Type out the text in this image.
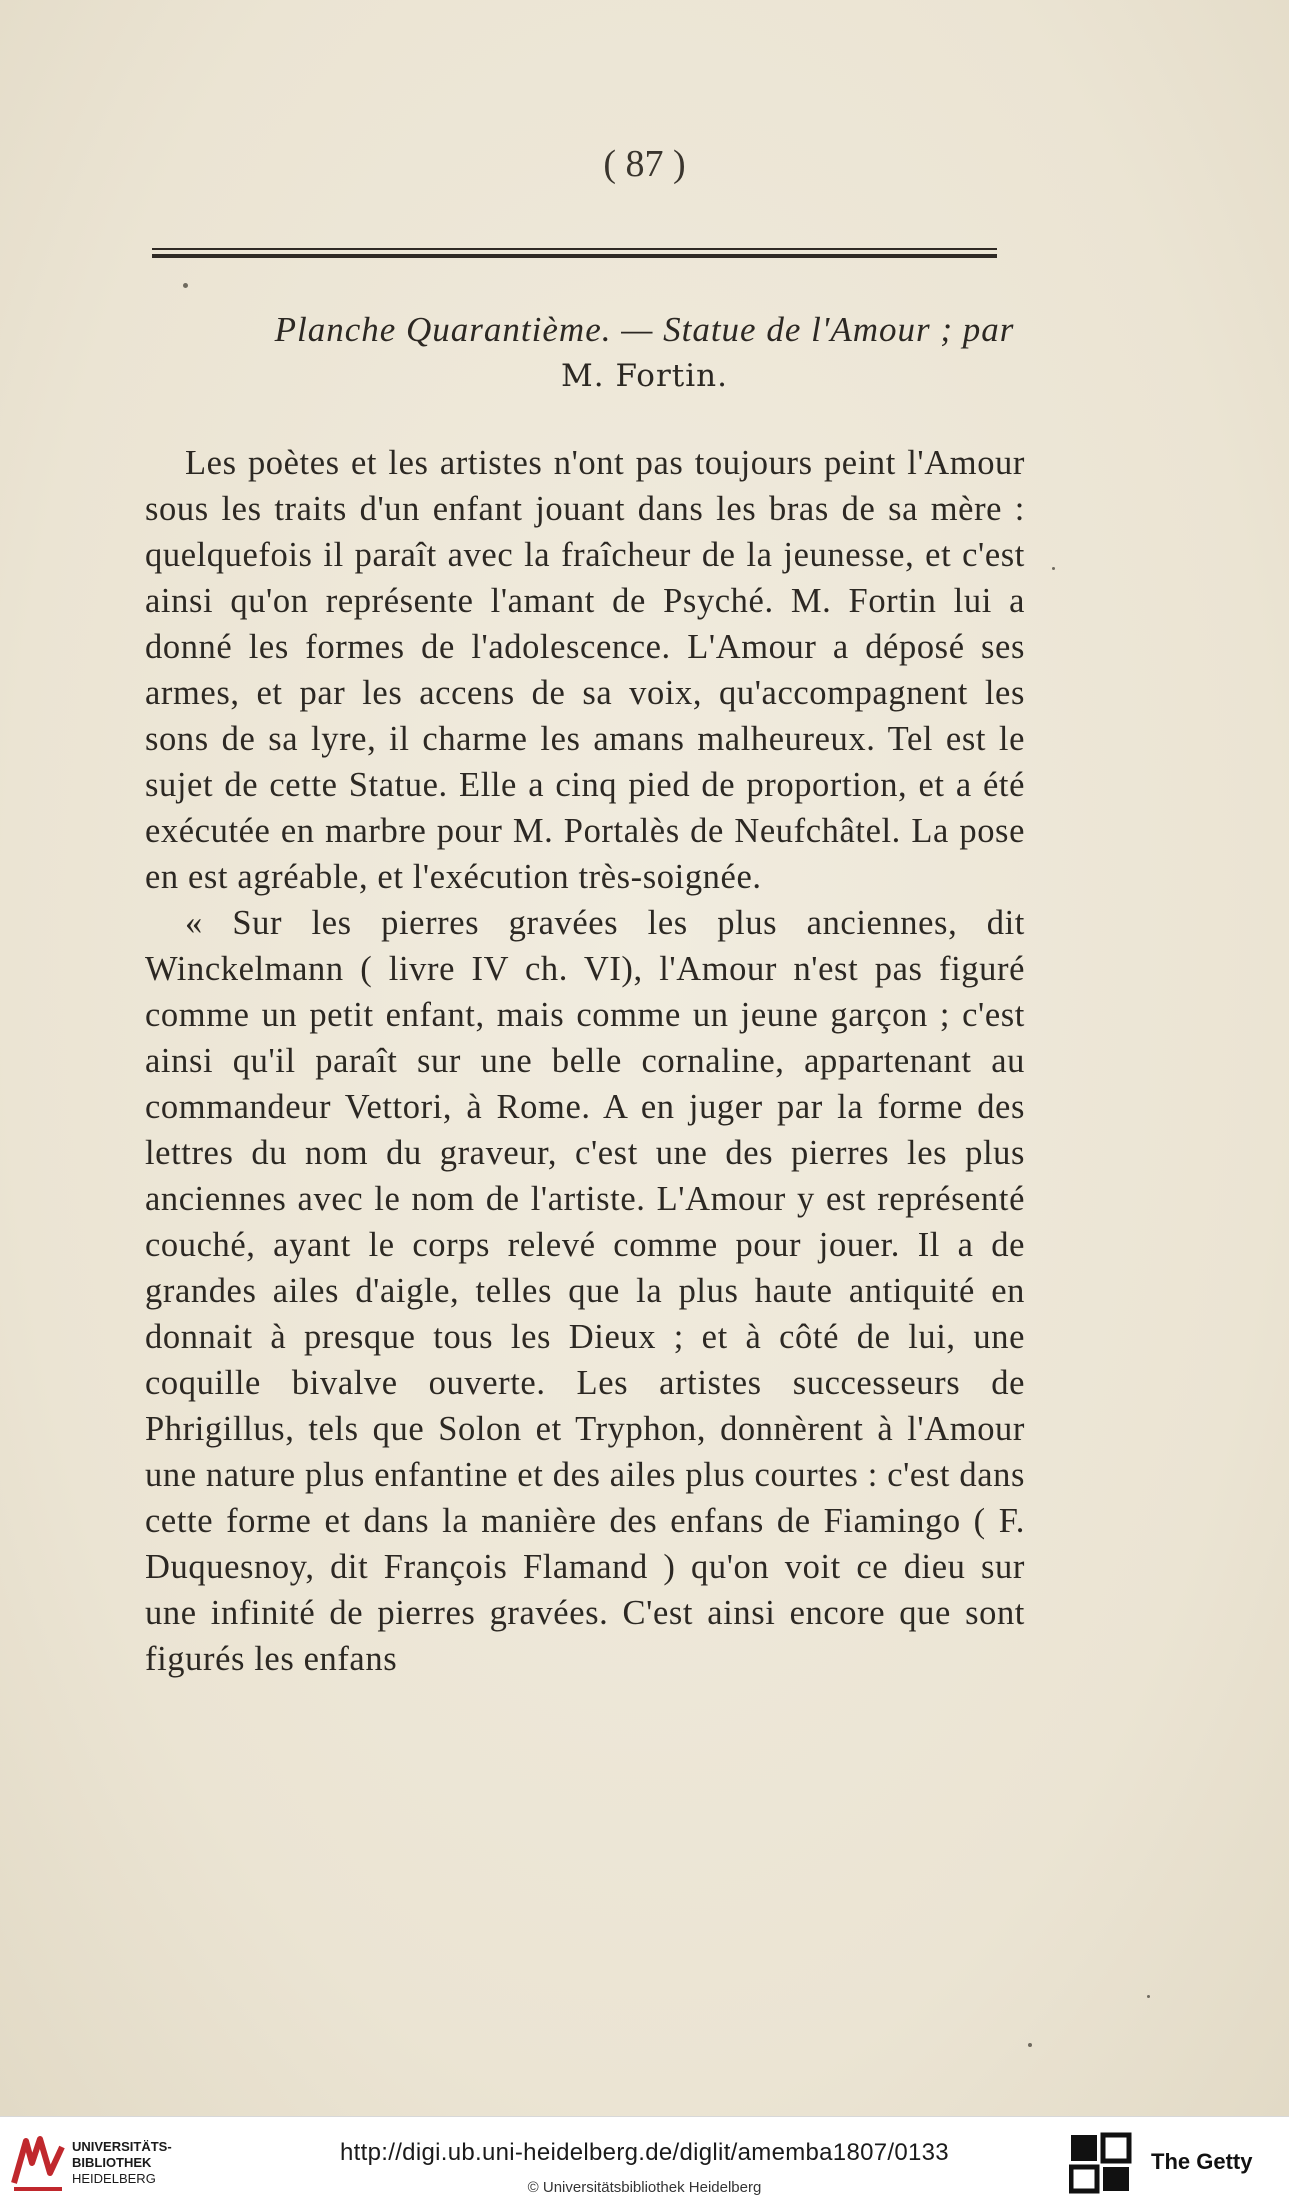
( 87 )
Planche Quarantième. — Statue de l'Amour ; par
M. Fortin.

Les poètes et les artistes n'ont pas toujours peint l'Amour sous les traits d'un enfant jouant dans les bras de sa mère : quelquefois il paraît avec la fraîcheur de la jeunesse, et c'est ainsi qu'on représente l'amant de Psyché. M. Fortin lui a donné les formes de l'adolescence. L'Amour a déposé ses armes, et par les accens de sa voix, qu'accompagnent les sons de sa lyre, il charme les amans malheureux. Tel est le sujet de cette Statue. Elle a cinq pied de proportion, et a été exécutée en marbre pour M. Portalès de Neufchâtel. La pose en est agréable, et l'exécution très-soignée.

« Sur les pierres gravées les plus anciennes, dit Winckelmann ( livre IV ch. VI), l'Amour n'est pas figuré comme un petit enfant, mais comme un jeune garçon ; c'est ainsi qu'il paraît sur une belle cornaline, appartenant au commandeur Vettori, à Rome. A en juger par la forme des lettres du nom du graveur, c'est une des pierres les plus anciennes avec le nom de l'artiste. L'Amour y est représenté couché, ayant le corps relevé comme pour jouer. Il a de grandes ailes d'aigle, telles que la plus haute antiquité en donnait à presque tous les Dieux ; et à côté de lui, une coquille bivalve ouverte. Les artistes successeurs de Phrigillus, tels que Solon et Tryphon, donnèrent à l'Amour une nature plus enfantine et des ailes plus courtes : c'est dans cette forme et dans la manière des enfans de Fiamingo ( F. Duquesnoy, dit François Flamand ) qu'on voit ce dieu sur une infinité de pierres gravées. C'est ainsi encore que sont figurés les enfans

UNIVERSITÄTS-
BIBLIOTHEK
HEIDELBERG
http://digi.ub.uni-heidelberg.de/diglit/amemba1807/0133
© Universitätsbibliothek Heidelberg
The Getty
